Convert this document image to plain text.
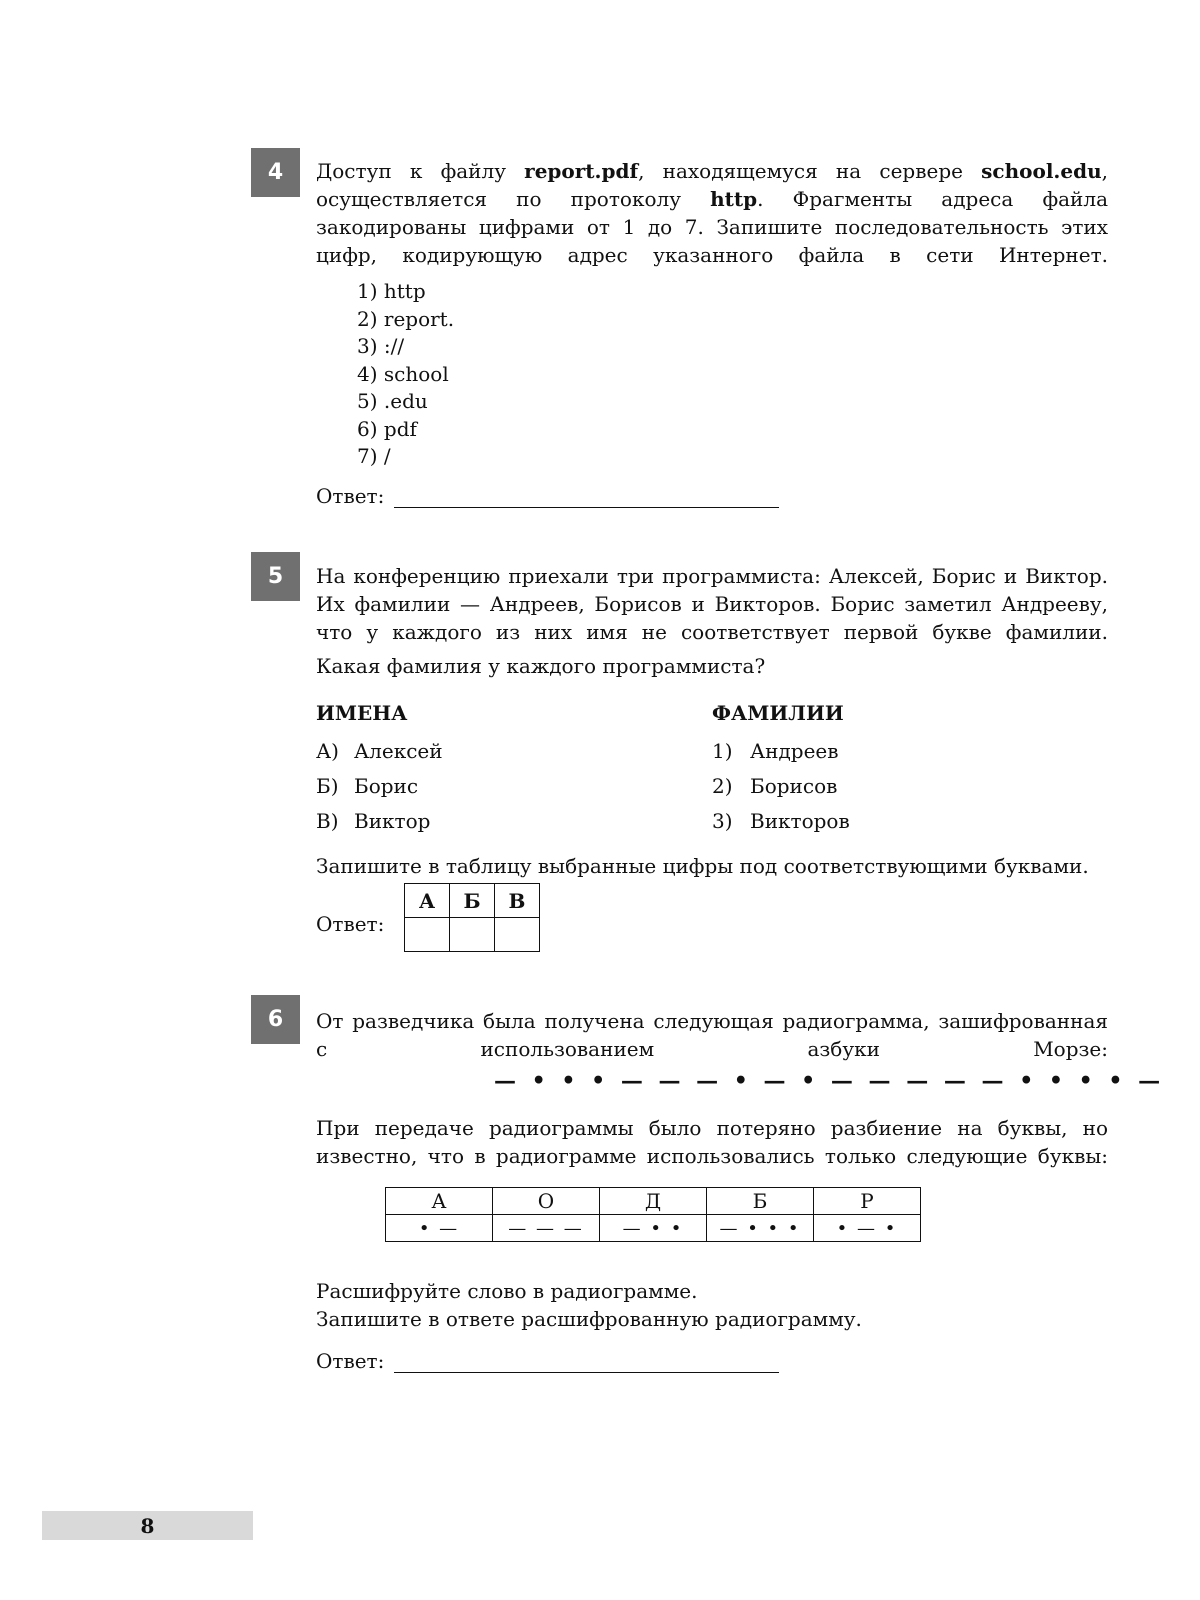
4	Доступ к файлу report.pdf, находящемуся на сервере school.edu, осуществляется по протоколу http. Фрагменты адреса файла закодированы цифрами от 1 до 7. Запишите последовательность этих цифр, кодирующую адрес указанного файла в сети Интернет.
1) http
2) report.
3) ://
4) school
5) .edu
6) pdf
7) /
Ответ:
5	На конференцию приехали три программиста: Алексей, Борис и Виктор. Их фамилии — Андреев, Борисов и Викторов. Борис заметил Андрееву, что у каждого из них имя не соответствует первой букве фамилии.
Какая фамилия у каждого программиста?
ИМЕНА	ФАМИЛИИ
А) Алексей
Б) Борис
В) Виктор
1) Андреев
2) Борисов
3) Викторов
Запишите в таблицу выбранные цифры под соответствующими буквами.
Ответ:
А	Б	В

6	От разведчика была получена следующая радиограмма, зашифрованная с использованием азбуки Морзе:
— • • • — — — • — • — — — — — • • • • —
При передаче радиограммы было потеряно разбиение на буквы, но известно, что в радиограмме использовались только следующие буквы:
А	О	Д	Б	Р
• —	— — —	— • •	— • • •	• — •
Расшифруйте слово в радиограмме.
Запишите в ответе расшифрованную радиограмму.
Ответ:
8
